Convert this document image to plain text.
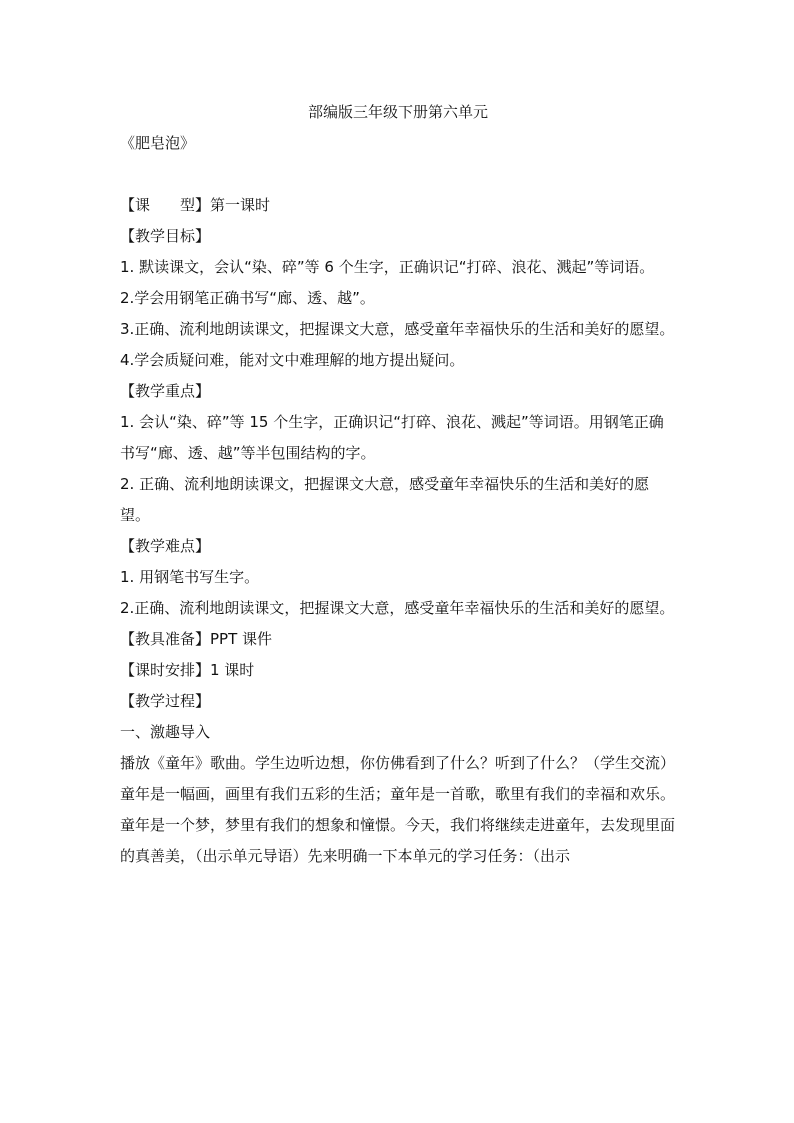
部编版三年级下册第六单元
《肥皂泡》
【课　　型】第一课时
【教学目标】
1. 默读课文，会认“染、碎”等 6 个生字，正确识记“打碎、浪花、溅起”等词语。
2.学会用钢笔正确书写“廊、透、越”。
3.正确、流利地朗读课文，把握课文大意，感受童年幸福快乐的生活和美好的愿望。
4.学会质疑问难，能对文中难理解的地方提出疑问。
【教学重点】
1. 会认“染、碎”等 15 个生字，正确识记“打碎、浪花、溅起”等词语。用钢笔正确书写“廊、透、越”等半包围结构的字。
2. 正确、流利地朗读课文，把握课文大意，感受童年幸福快乐的生活和美好的愿望。
【教学难点】
1. 用钢笔书写生字。
2.正确、流利地朗读课文，把握课文大意，感受童年幸福快乐的生活和美好的愿望。
【教具准备】PPT 课件
【课时安排】1 课时
【教学过程】
一、激趣导入
播放《童年》歌曲。学生边听边想，你仿佛看到了什么？听到了什么？（学生交流）
童年是一幅画，画里有我们五彩的生活；童年是一首歌，歌里有我们的幸福和欢乐。童年是一个梦，梦里有我们的想象和憧憬。今天，我们将继续走进童年，去发现里面的真善美，（出示单元导语）先来明确一下本单元的学习任务：（出示
